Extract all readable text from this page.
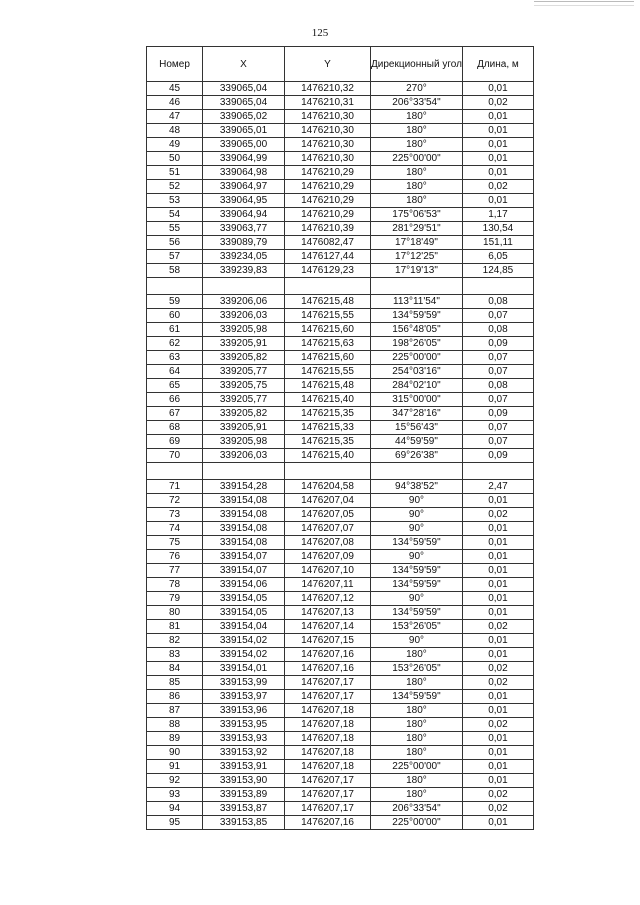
125
Номер	X	Y	Дирекционный угол	Длина, м
45	339065,04	1476210,32	270°	0,01
46	339065,04	1476210,31	206°33'54"	0,02
47	339065,02	1476210,30	180°	0,01
48	339065,01	1476210,30	180°	0,01
49	339065,00	1476210,30	180°	0,01
50	339064,99	1476210,30	225°00'00"	0,01
51	339064,98	1476210,29	180°	0,01
52	339064,97	1476210,29	180°	0,02
53	339064,95	1476210,29	180°	0,01
54	339064,94	1476210,29	175°06'53"	1,17
55	339063,77	1476210,39	281°29'51"	130,54
56	339089,79	1476082,47	17°18'49"	151,11
57	339234,05	1476127,44	17°12'25"	6,05
58	339239,83	1476129,23	17°19'13"	124,85

59	339206,06	1476215,48	113°11'54"	0,08
60	339206,03	1476215,55	134°59'59"	0,07
61	339205,98	1476215,60	156°48'05"	0,08
62	339205,91	1476215,63	198°26'05"	0,09
63	339205,82	1476215,60	225°00'00"	0,07
64	339205,77	1476215,55	254°03'16"	0,07
65	339205,75	1476215,48	284°02'10"	0,08
66	339205,77	1476215,40	315°00'00"	0,07
67	339205,82	1476215,35	347°28'16"	0,09
68	339205,91	1476215,33	15°56'43"	0,07
69	339205,98	1476215,35	44°59'59"	0,07
70	339206,03	1476215,40	69°26'38"	0,09

71	339154,28	1476204,58	94°38'52"	2,47
72	339154,08	1476207,04	90°	0,01
73	339154,08	1476207,05	90°	0,02
74	339154,08	1476207,07	90°	0,01
75	339154,08	1476207,08	134°59'59"	0,01
76	339154,07	1476207,09	90°	0,01
77	339154,07	1476207,10	134°59'59"	0,01
78	339154,06	1476207,11	134°59'59"	0,01
79	339154,05	1476207,12	90°	0,01
80	339154,05	1476207,13	134°59'59"	0,01
81	339154,04	1476207,14	153°26'05"	0,02
82	339154,02	1476207,15	90°	0,01
83	339154,02	1476207,16	180°	0,01
84	339154,01	1476207,16	153°26'05"	0,02
85	339153,99	1476207,17	180°	0,02
86	339153,97	1476207,17	134°59'59"	0,01
87	339153,96	1476207,18	180°	0,01
88	339153,95	1476207,18	180°	0,02
89	339153,93	1476207,18	180°	0,01
90	339153,92	1476207,18	180°	0,01
91	339153,91	1476207,18	225°00'00"	0,01
92	339153,90	1476207,17	180°	0,01
93	339153,89	1476207,17	180°	0,02
94	339153,87	1476207,17	206°33'54"	0,02
95	339153,85	1476207,16	225°00'00"	0,01
